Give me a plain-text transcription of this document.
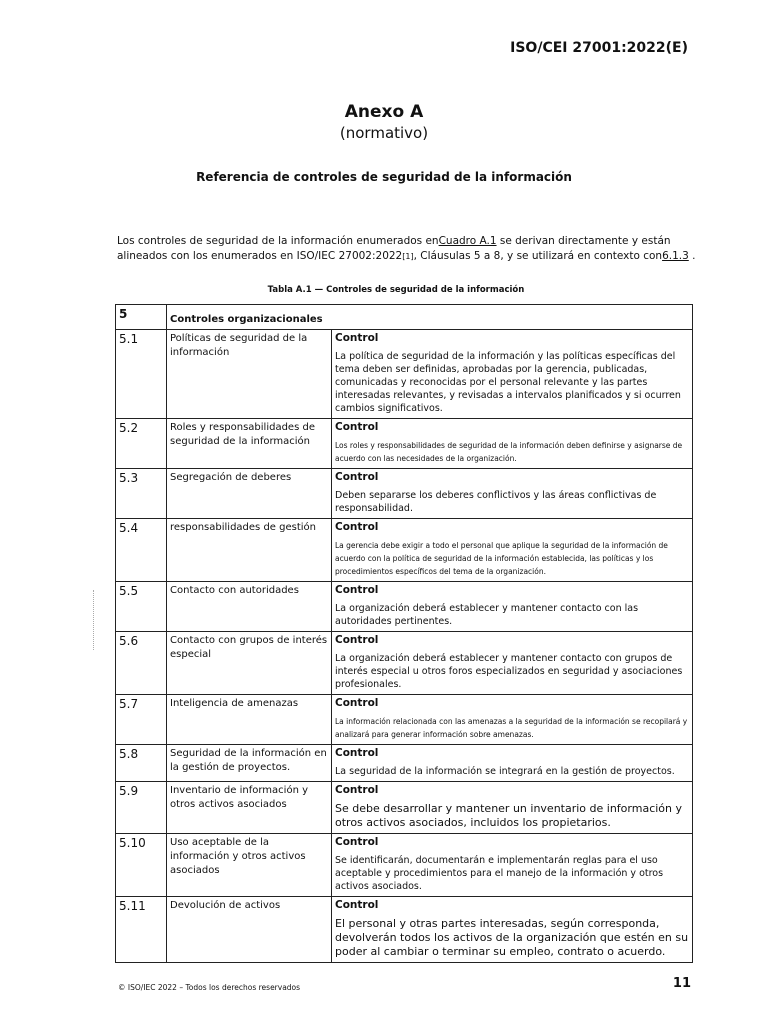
ISO/CEI 27001:2022(E)
Anexo A
(normativo)
Referencia de controles de seguridad de la información
Los controles de seguridad de la información enumerados enCuadro A.1 se derivan directamente y están alineados con los enumerados en ISO/IEC 27002:2022[1], Cláusulas 5 a 8, y se utilizará en contexto con6.1.3 .
Tabla A.1 — Controles de seguridad de la información
5	Controles organizacionales	
5.1	Políticas de seguridad de la información	Control
La política de seguridad de la información y las políticas específicas del tema deben ser definidas, aprobadas por la gerencia, publicadas, comunicadas y reconocidas por el personal relevante y las partes interesadas relevantes, y revisadas a intervalos planificados y si ocurren cambios significativos.
5.2	Roles y responsabilidades de seguridad de la información	Control
Los roles y responsabilidades de seguridad de la información deben definirse y asignarse de acuerdo con las necesidades de la organización.
5.3	Segregación de deberes	Control
Deben separarse los deberes conflictivos y las áreas conflictivas de responsabilidad.
5.4	responsabilidades de gestión	Control
La gerencia debe exigir a todo el personal que aplique la seguridad de la información de acuerdo con la política de seguridad de la información establecida, las políticas y los procedimientos específicos del tema de la organización.
5.5	Contacto con autoridades	Control
La organización deberá establecer y mantener contacto con las autoridades pertinentes.
5.6	Contacto con grupos de interés especial	Control
La organización deberá establecer y mantener contacto con grupos de interés especial u otros foros especializados en seguridad y asociaciones profesionales.
5.7	Inteligencia de amenazas	Control
La información relacionada con las amenazas a la seguridad de la información se recopilará y analizará para generar información sobre amenazas.
5.8	Seguridad de la información en la gestión de proyectos.	Control
La seguridad de la información se integrará en la gestión de proyectos.
5.9	Inventario de información y otros activos asociados	Control
Se debe desarrollar y mantener un inventario de información y otros activos asociados, incluidos los propietarios.
5.10	Uso aceptable de la información y otros activos asociados	Control
Se identificarán, documentarán e implementarán reglas para el uso aceptable y procedimientos para el manejo de la información y otros activos asociados.
5.11	Devolución de activos	Control
El personal y otras partes interesadas, según corresponda, devolverán todos los activos de la organización que estén en su poder al cambiar o terminar su empleo, contrato o acuerdo.
© ISO/IEC 2022 – Todos los derechos reservados	11
